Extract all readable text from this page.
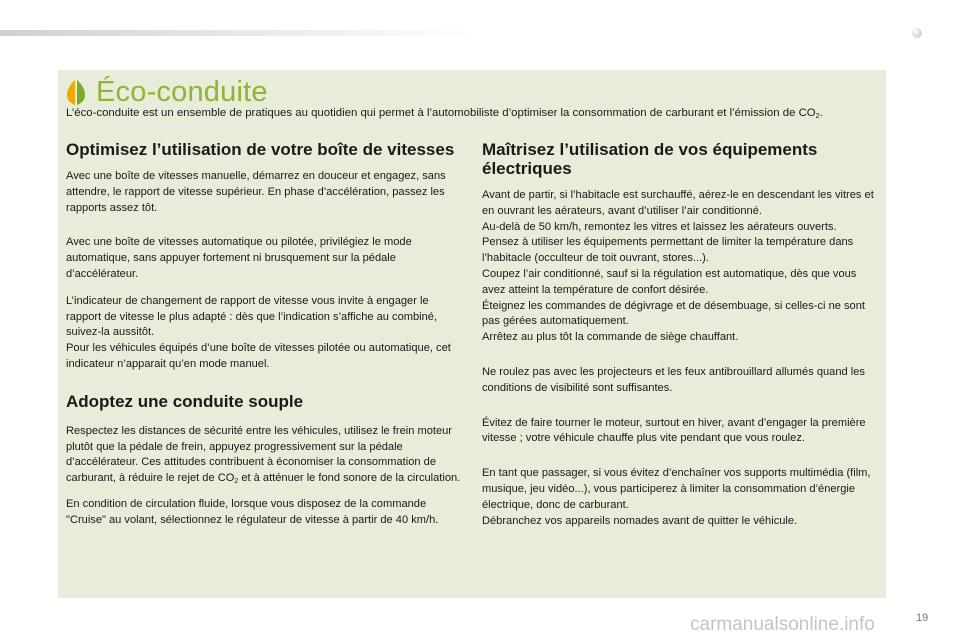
Éco-conduite
L’éco-conduite est un ensemble de pratiques au quotidien qui permet à l’automobiliste d’optimiser la consommation de carburant et l’émission de $CO_2$.
Optimisez l’utilisation de votre boîte de vitesses

Avec une boîte de vitesses manuelle, démarrez en douceur et engagez, sans attendre, le rapport de vitesse supérieur. En phase d’accélération, passez les rapports assez tôt.

Avec une boîte de vitesses automatique ou pilotée, privilégiez le mode automatique, sans appuyer fortement ni brusquement sur la pédale d’accélérateur.

L’indicateur de changement de rapport de vitesse vous invite à engager le rapport de vitesse le plus adapté : dès que l’indication s’affiche au combiné, suivez-la aussitôt.

Pour les véhicules équipés d’une boîte de vitesses pilotée ou automatique, cet indicateur n’apparait qu’en mode manuel.

Adoptez une conduite souple

Respectez les distances de sécurité entre les véhicules, utilisez le frein moteur plutôt que la pédale de frein, appuyez progressivement sur la pédale d’accélérateur. Ces attitudes contribuent à économiser la consommation de carburant, à réduire le rejet de $CO_2$ et à atténuer le fond sonore de la circulation.

En condition de circulation fluide, lorsque vous disposez de la commande "Cruise" au volant, sélectionnez le régulateur de vitesse à partir de 40 km/h.

Maîtrisez l’utilisation de vos équipements électriques

Avant de partir, si l’habitacle est surchauffé, aérez-le en descendant les vitres et en ouvrant les aérateurs, avant d’utiliser l’air conditionné.

Au-delà de 50 km/h, remontez les vitres et laissez les aérateurs ouverts.

Pensez à utiliser les équipements permettant de limiter la température dans l’habitacle (occulteur de toit ouvrant, stores...).

Coupez l’air conditionné, sauf si la régulation est automatique, dès que vous avez atteint la température de confort désirée.

Éteignez les commandes de dégivrage et de désembuage, si celles-ci ne sont pas gérées automatiquement.

Arrêtez au plus tôt la commande de siège chauffant.

Ne roulez pas avec les projecteurs et les feux antibrouillard allumés quand les conditions de visibilité sont suffisantes.

Évitez de faire tourner le moteur, surtout en hiver, avant d’engager la première vitesse ; votre véhicule chauffe plus vite pendant que vous roulez.

En tant que passager, si vous évitez d’enchaîner vos supports multimédia (film, musique, jeu vidéo...), vous participerez à limiter la consommation d’énergie électrique, donc de carburant.

Débranchez vos appareils nomades avant de quitter le véhicule.

carmanualsonline.info	19
